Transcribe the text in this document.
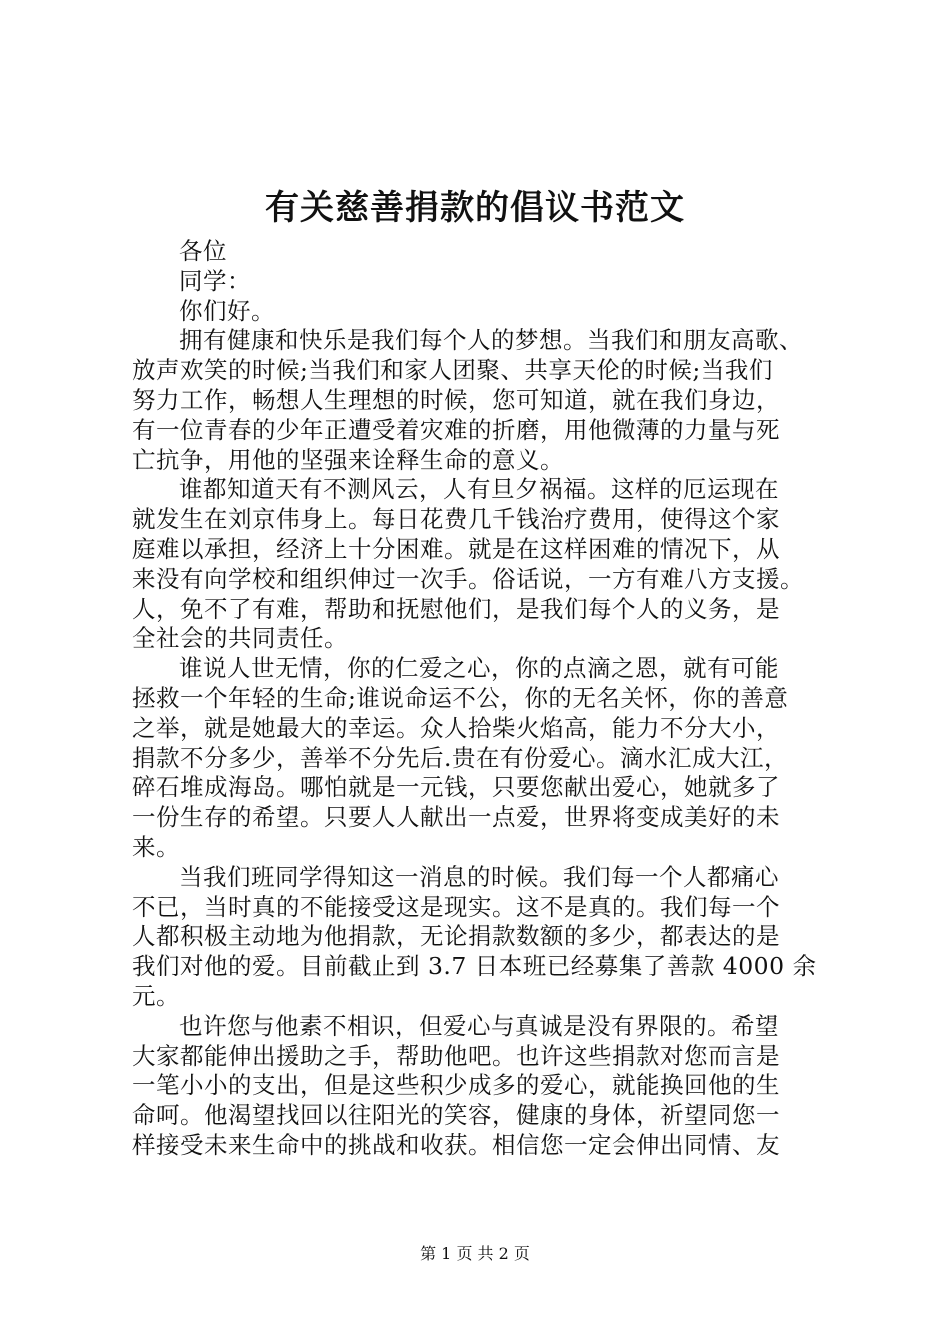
有关慈善捐款的倡议书范文
各位
同学：
你们好。
拥有健康和快乐是我们每个人的梦想。当我们和朋友高歌、
放声欢笑的时候;当我们和家人团聚、共享天伦的时候;当我们
努力工作，畅想人生理想的时候，您可知道，就在我们身边，
有一位青春的少年正遭受着灾难的折磨，用他微薄的力量与死
亡抗争，用他的坚强来诠释生命的意义。
谁都知道天有不测风云，人有旦夕祸福。这样的厄运现在
就发生在刘京伟身上。每日花费几千钱治疗费用，使得这个家
庭难以承担，经济上十分困难。就是在这样困难的情况下，从
来没有向学校和组织伸过一次手。俗话说，一方有难八方支援。
人，免不了有难，帮助和抚慰他们，是我们每个人的义务，是
全社会的共同责任。
谁说人世无情，你的仁爱之心，你的点滴之恩，就有可能
拯救一个年轻的生命;谁说命运不公，你的无名关怀，你的善意
之举，就是她最大的幸运。众人拾柴火焰高，能力不分大小，
捐款不分多少，善举不分先后.贵在有份爱心。滴水汇成大江，
碎石堆成海岛。哪怕就是一元钱，只要您献出爱心，她就多了
一份生存的希望。只要人人献出一点爱，世界将变成美好的未
来。
当我们班同学得知这一消息的时候。我们每一个人都痛心
不已，当时真的不能接受这是现实。这不是真的。我们每一个
人都积极主动地为他捐款，无论捐款数额的多少，都表达的是
我们对他的爱。目前截止到 3.7 日本班已经募集了善款 4000 余
元。
也许您与他素不相识，但爱心与真诚是没有界限的。希望
大家都能伸出援助之手，帮助他吧。也许这些捐款对您而言是
一笔小小的支出，但是这些积少成多的爱心，就能换回他的生
命呵。他渴望找回以往阳光的笑容，健康的身体，祈望同您一
样接受未来生命中的挑战和收获。相信您一定会伸出同情、友
第 1 页 共 2 页
